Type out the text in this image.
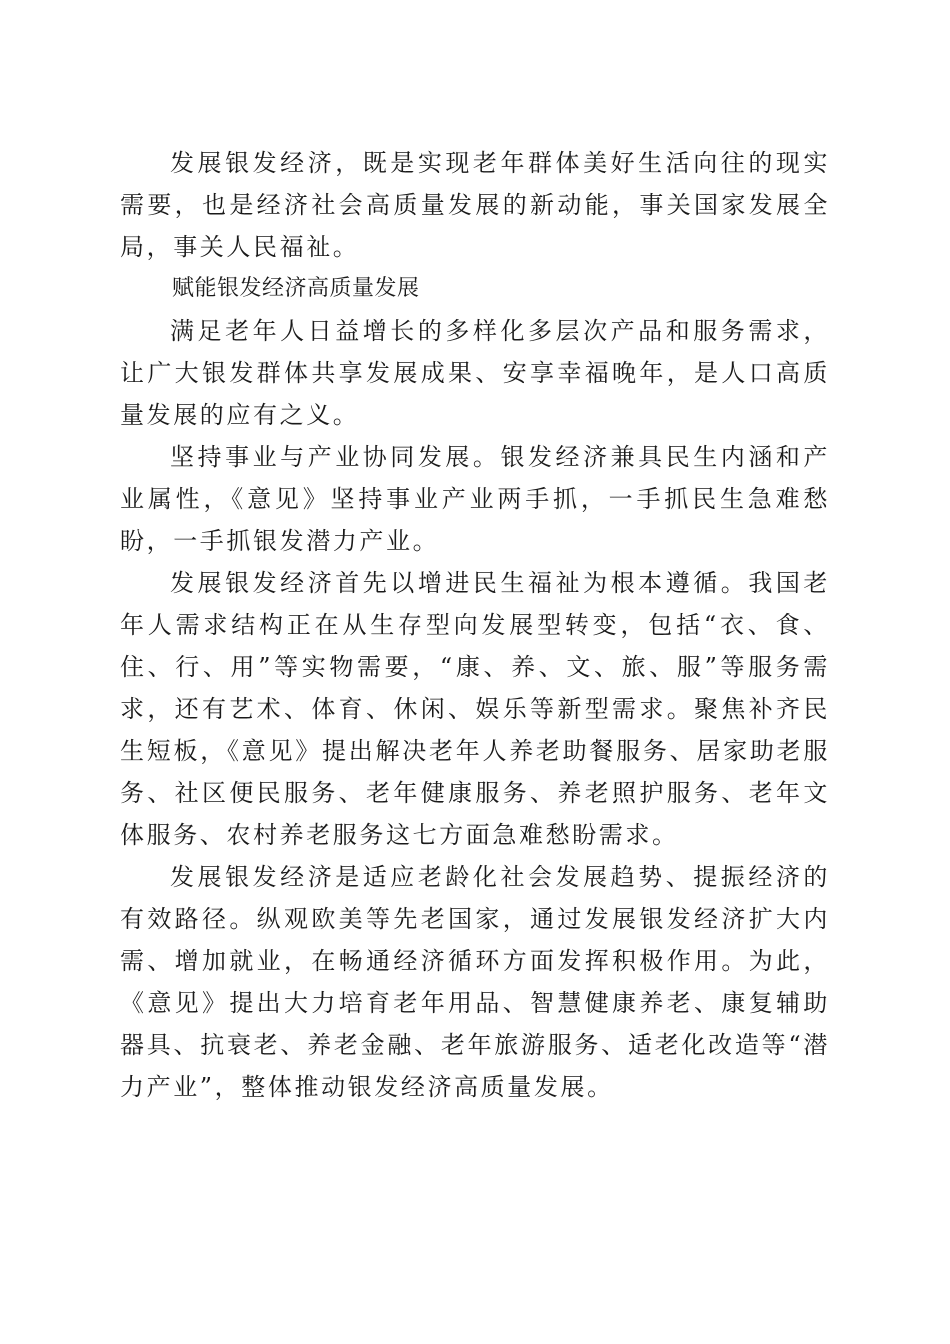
发展银发经济，既是实现老年群体美好生活向往的现实需要，也是经济社会高质量发展的新动能，事关国家发展全局，事关人民福祉。

赋能银发经济高质量发展

满足老年人日益增长的多样化多层次产品和服务需求，让广大银发群体共享发展成果、安享幸福晚年，是人口高质量发展的应有之义。

坚持事业与产业协同发展。银发经济兼具民生内涵和产业属性，《意见》坚持事业产业两手抓，一手抓民生急难愁盼，一手抓银发潜力产业。

发展银发经济首先以增进民生福祉为根本遵循。我国老年人需求结构正在从生存型向发展型转变，包括“衣、食、住、行、用”等实物需要，“康、养、文、旅、服”等服务需求，还有艺术、体育、休闲、娱乐等新型需求。聚焦补齐民生短板，《意见》提出解决老年人养老助餐服务、居家助老服务、社区便民服务、老年健康服务、养老照护服务、老年文体服务、农村养老服务这七方面急难愁盼需求。

发展银发经济是适应老龄化社会发展趋势、提振经济的有效路径。纵观欧美等先老国家，通过发展银发经济扩大内需、增加就业，在畅通经济循环方面发挥积极作用。为此，《意见》提出大力培育老年用品、智慧健康养老、康复辅助器具、抗衰老、养老金融、老年旅游服务、适老化改造等“潜力产业”，整体推动银发经济高质量发展。
